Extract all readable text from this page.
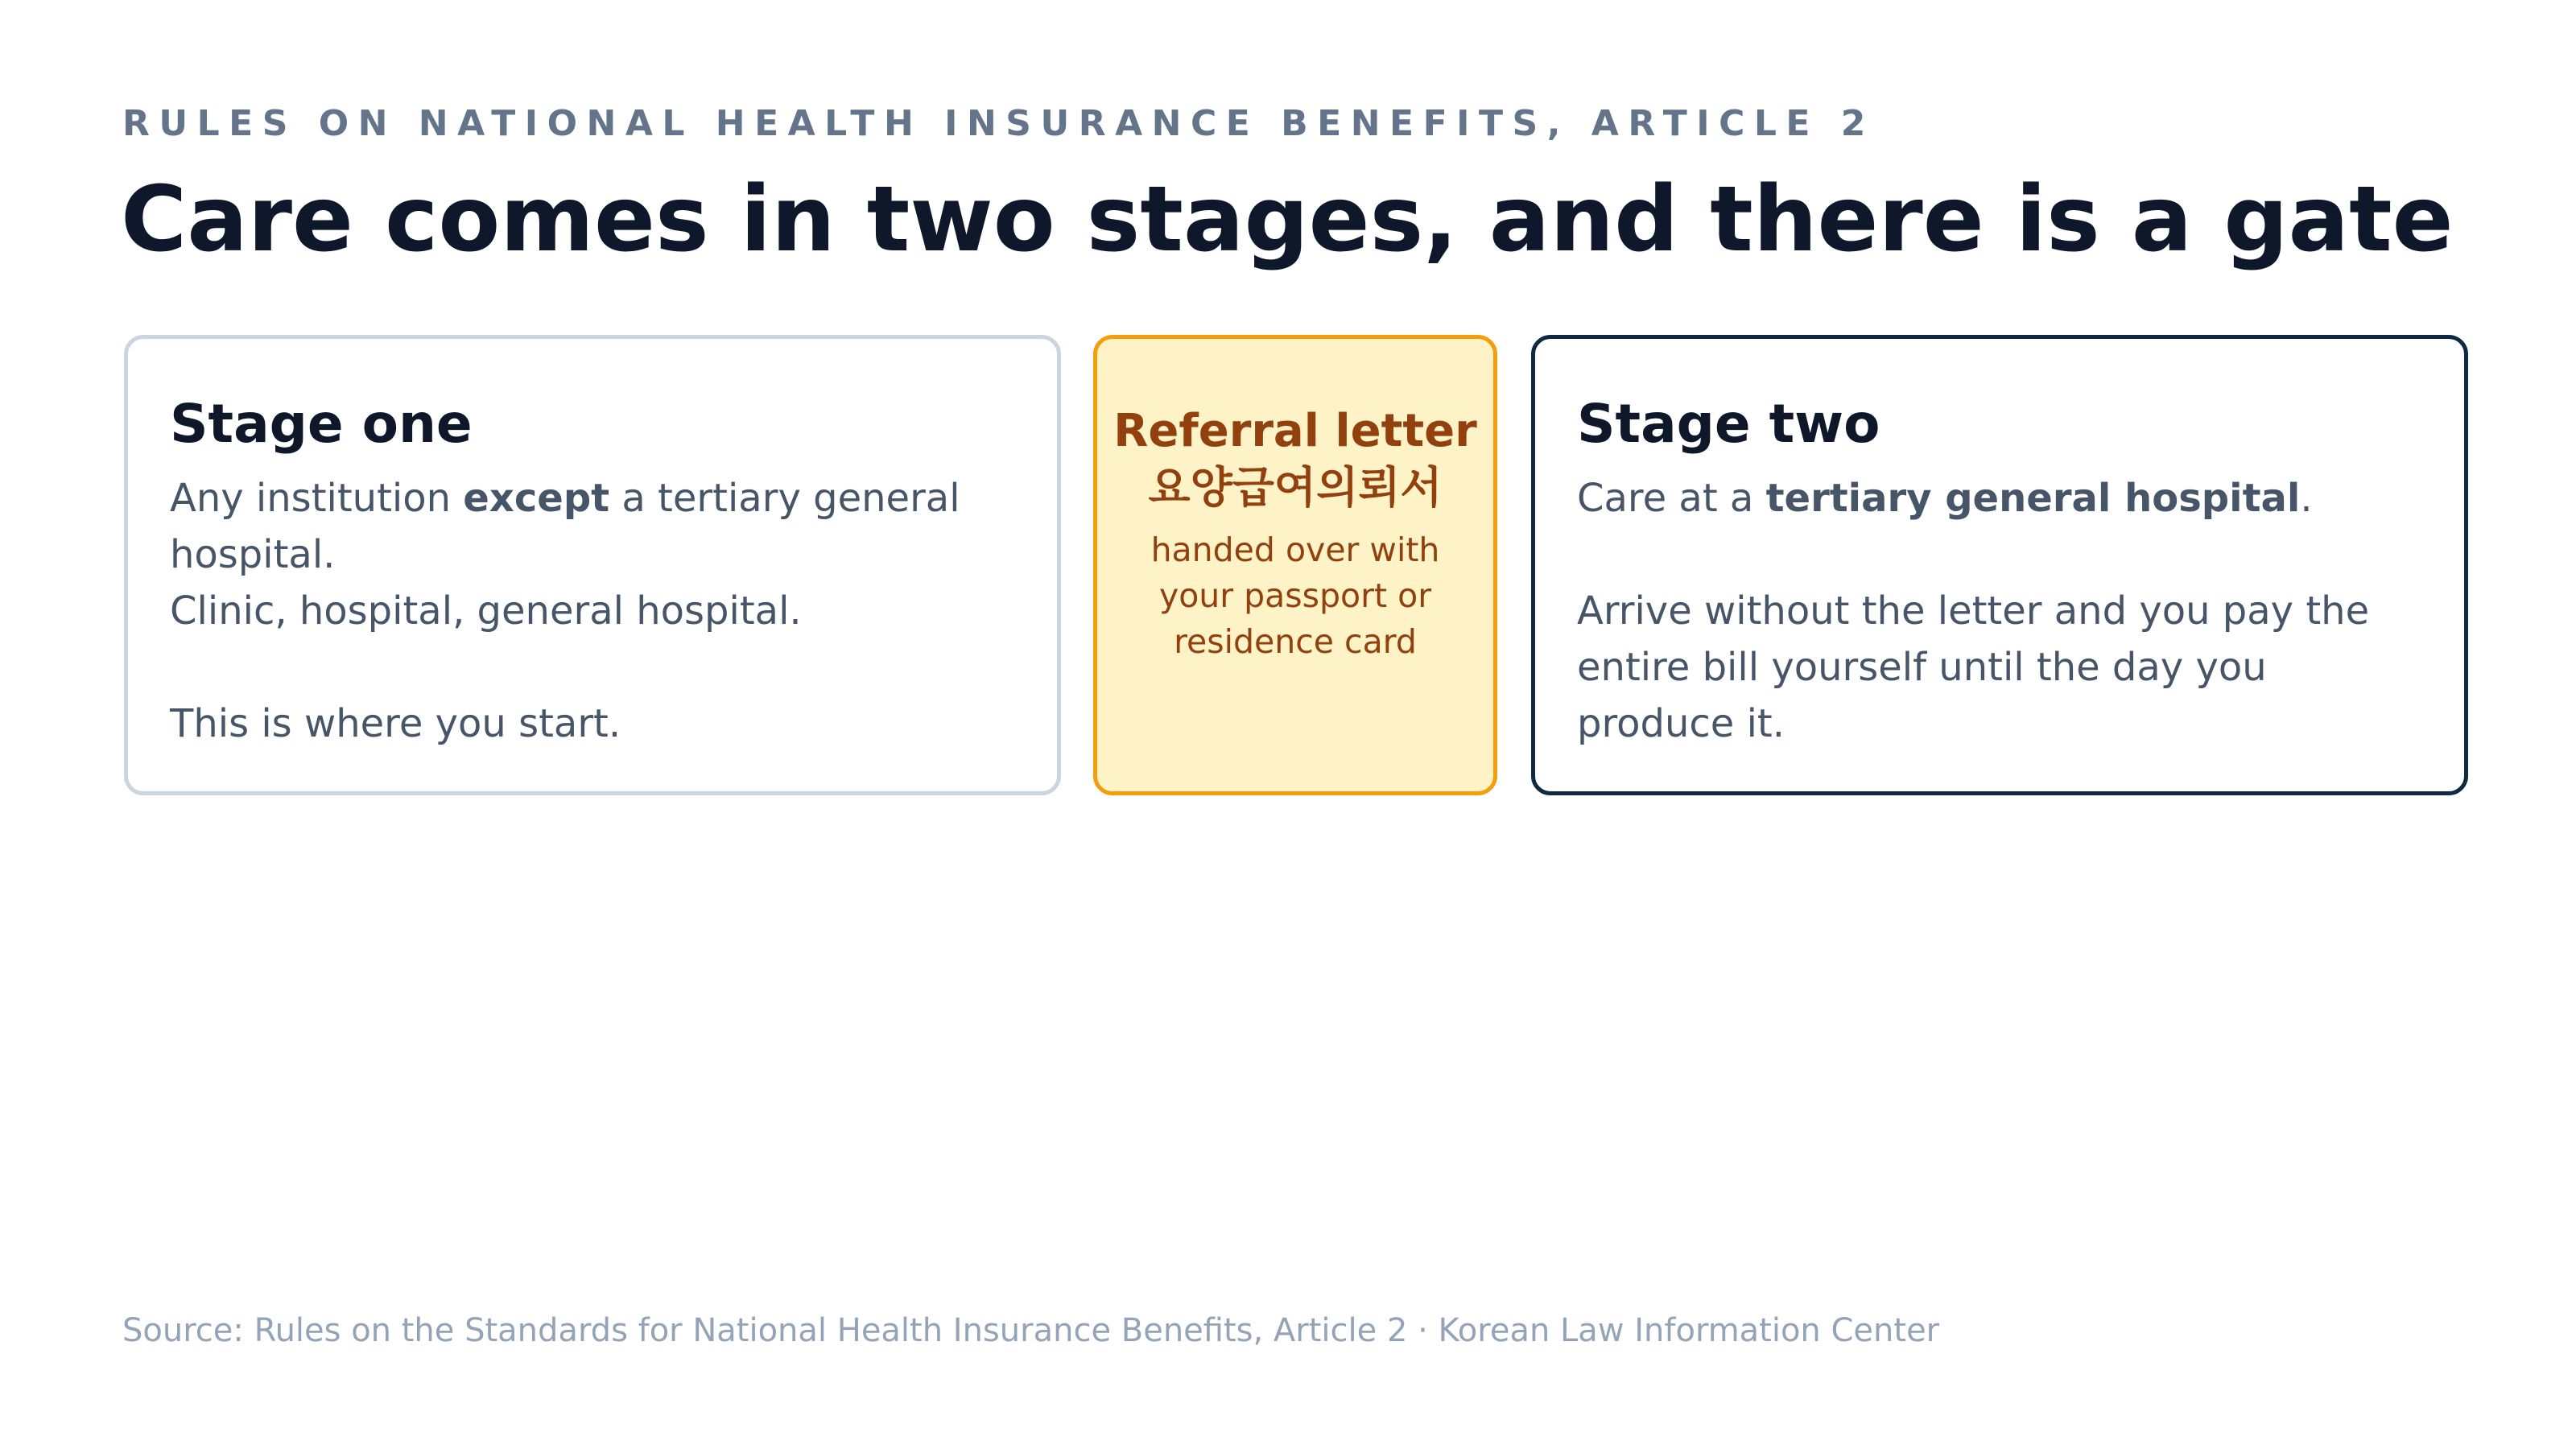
RULES ON NATIONAL HEALTH INSURANCE BENEFITS, ARTICLE 2
Care comes in two stages, and there is a gate
Stage one
Any institution except a tertiary general hospital.
Clinic, hospital, general hospital.
This is where you start.
Referral letter
요양급여의뢰서
handed over with your passport or residence card
Stage two
Care at a tertiary general hospital.
Arrive without the letter and you pay the entire bill yourself until the day you produce it.
Source: Rules on the Standards for National Health Insurance Benefits, Article 2 · Korean Law Information Center
